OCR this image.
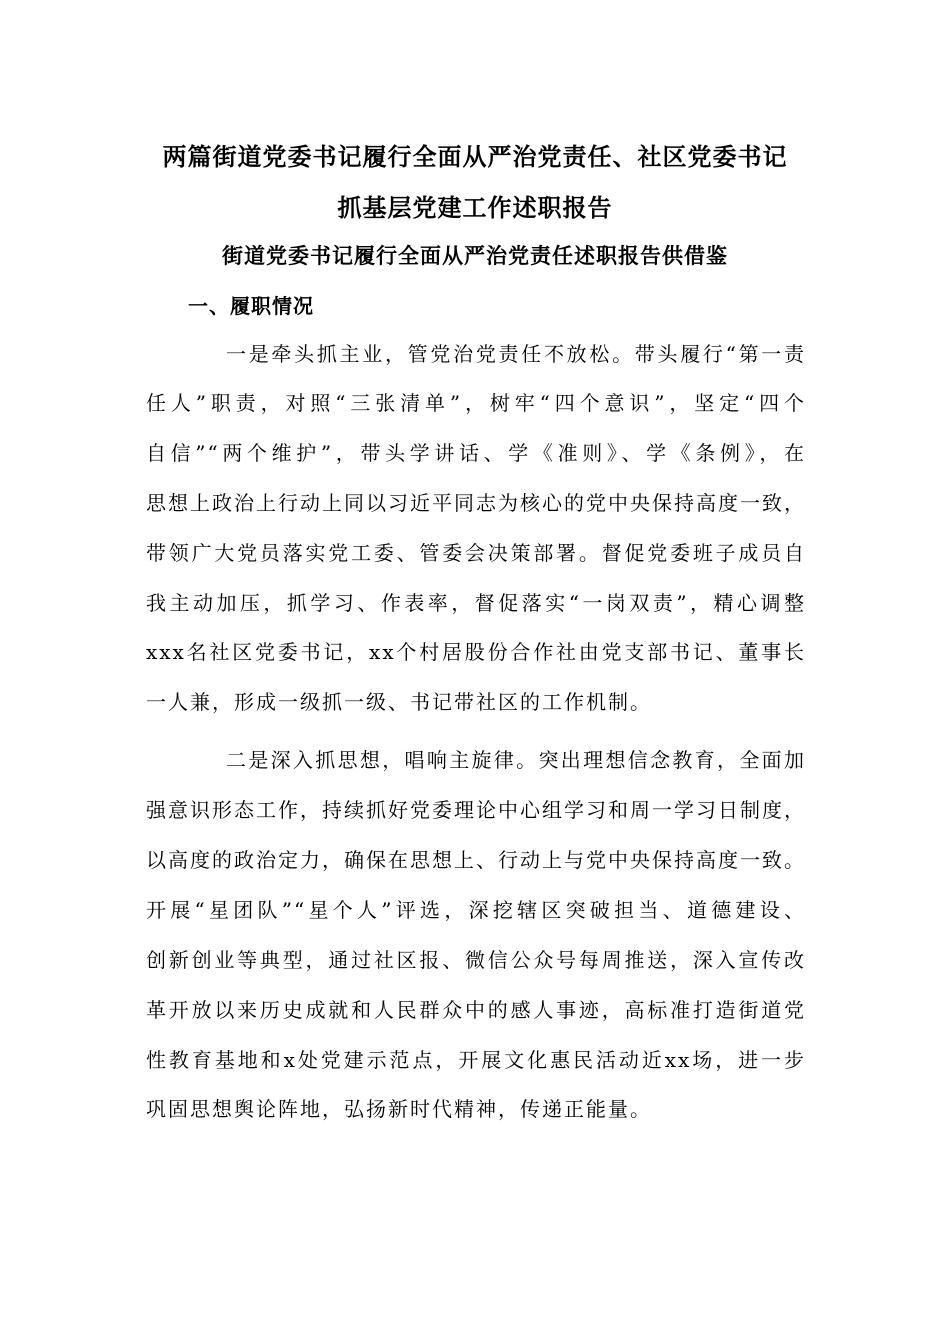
两篇街道党委书记履行全面从严治党责任、社区党委书记
抓基层党建工作述职报告
街道党委书记履行全面从严治党责任述职报告供借鉴
一、履职情况
一是牵头抓主业，管党治党责任不放松。带头履行“第一责
任人”职责，对照“三张清单”，树牢“四个意识”，坚定“四个
自信”“两个维护”，带头学讲话、学《准则》、学《条例》，在
思想上政治上行动上同以习近平同志为核心的党中央保持高度一致，
带领广大党员落实党工委、管委会决策部署。督促党委班子成员自
我主动加压，抓学习、作表率，督促落实“一岗双责”，精心调整
xxx名社区党委书记，xx个村居股份合作社由党支部书记、董事长
一人兼，形成一级抓一级、书记带社区的工作机制。
二是深入抓思想，唱响主旋律。突出理想信念教育，全面加
强意识形态工作，持续抓好党委理论中心组学习和周一学习日制度，
以高度的政治定力，确保在思想上、行动上与党中央保持高度一致。
开展“星团队”“星个人”评选，深挖辖区突破担当、道德建设、
创新创业等典型，通过社区报、微信公众号每周推送，深入宣传改
革开放以来历史成就和人民群众中的感人事迹，高标准打造街道党
性教育基地和x处党建示范点，开展文化惠民活动近xx场，进一步
巩固思想舆论阵地，弘扬新时代精神，传递正能量。
